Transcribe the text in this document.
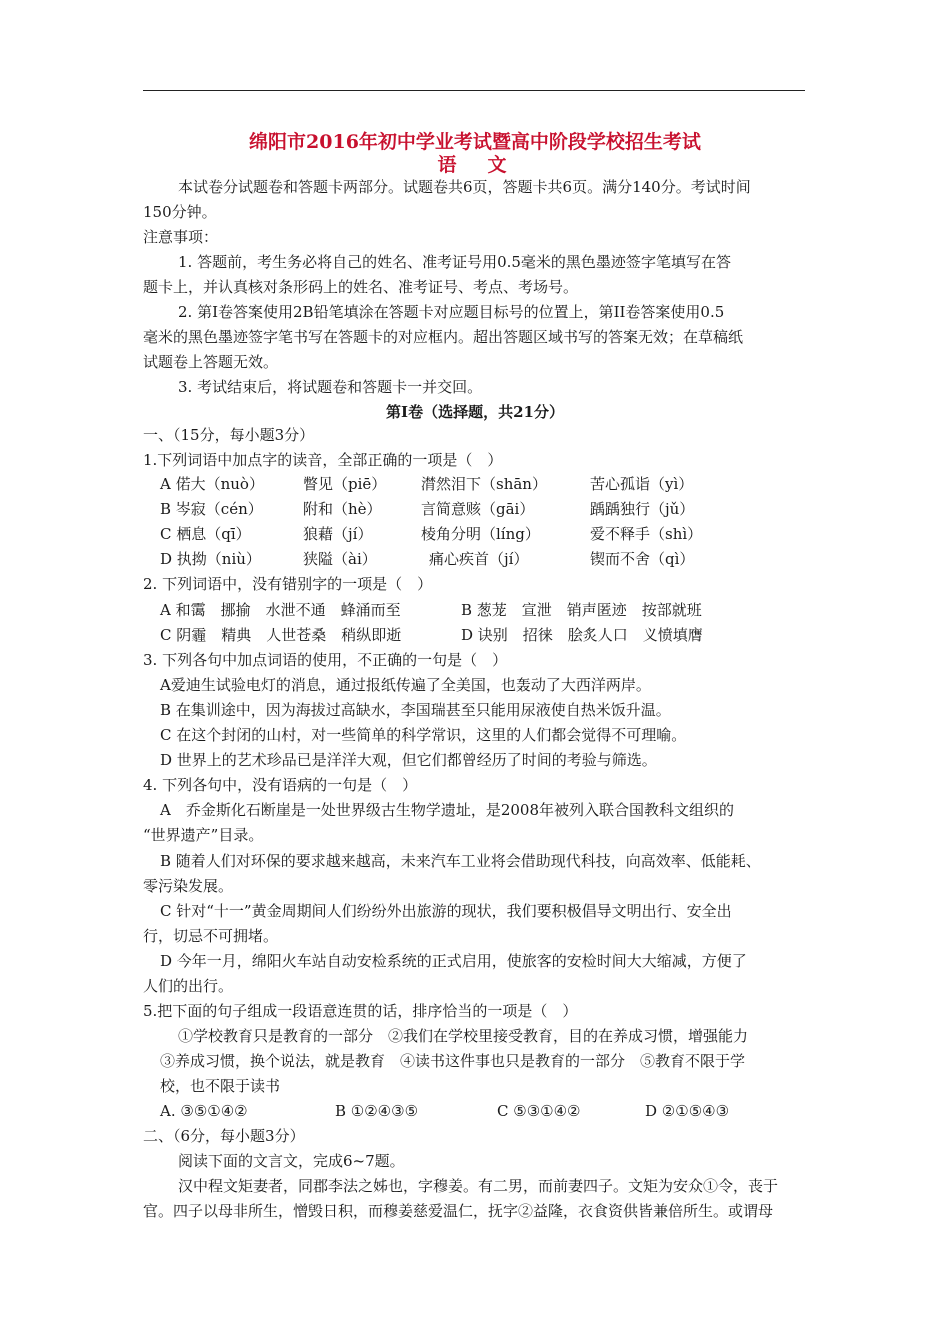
绵阳市2016年初中学业考试暨高中阶段学校招生考试
语　文
本试卷分试题卷和答题卡两部分。试题卷共6页，答题卡共6页。满分140分。考试时间
150分钟。
注意事项：
1. 答题前，考生务必将自己的姓名、准考证号用0.5毫米的黑色墨迹签字笔填写在答
题卡上，并认真核对条形码上的姓名、准考证号、考点、考场号。
2. 第Ⅰ卷答案使用2B铅笔填涂在答题卡对应题目标号的位置上，第II卷答案使用0.5
毫米的黑色墨迹签字笔书写在答题卡的对应框内。超出答题区域书写的答案无效；在草稿纸
试题卷上答题无效。
3. 考试结束后，将试题卷和答题卡一并交回。
第Ⅰ卷（选择题，共21分）
一、（15分，每小题3分）
1.下列词语中加点字的读音，全部正确的一项是（　）
A 偌大（nuò）	瞥见（piē） 潸然泪下（shān）	苦心孤诣（yì）
B 岑寂（cén）	附和（hè）	言简意赅（gāi）	踽踽独行（jǔ）
C 栖息（qī）	狼藉（jí）	棱角分明（líng）	爱不释手（shì）
D 执拗（niù）	狭隘（ài）	痛心疾首（jí）	锲而不舍（qì）
2. 下列词语中，没有错别字的一项是（　）
A 和霭　挪揄　水泄不通　蜂涌而至	B 葱茏　宣泄　销声匿迹　按部就班
C 阴霾　精典　人世苍桑　稍纵即逝	D 诀别　招徕　脍炙人口　义愤填膺
3. 下列各句中加点词语的使用，不正确的一句是（　）
A爱迪生试验电灯的消息，通过报纸传遍了全美国，也轰动了大西洋两岸。
B 在集训途中，因为海拔过高缺水，李国瑞甚至只能用尿液使自热米饭升温。
C 在这个封闭的山村，对一些简单的科学常识，这里的人们都会觉得不可理喻。
D 世界上的艺术珍品已是洋洋大观，但它们都曾经历了时间的考验与筛选。
4. 下列各句中，没有语病的一句是（　）
A　乔金斯化石断崖是一处世界级古生物学遗址，是2008年被列入联合国教科文组织的
“世界遗产”目录。
B 随着人们对环保的要求越来越高，未来汽车工业将会借助现代科技，向高效率、低能耗、
零污染发展。
C 针对“十一”黄金周期间人们纷纷外出旅游的现状，我们要积极倡导文明出行、安全出
行，切忌不可拥堵。
D 今年一月，绵阳火车站自动安检系统的正式启用，使旅客的安检时间大大缩减，方便了
人们的出行。
5.把下面的句子组成一段语意连贯的话，排序恰当的一项是（　）
①学校教育只是教育的一部分　②我们在学校里接受教育，目的在养成习惯，增强能力
③养成习惯，换个说法，就是教育　④读书这件事也只是教育的一部分　⑤教育不限于学
校，也不限于读书
A. ③⑤①④②	B ①②④③⑤	C ⑤③①④②	D ②①⑤④③
二、（6分，每小题3分）
阅读下面的文言文，完成6~7题。
汉中程文矩妻者，同郡李法之姊也，字穆姜。有二男，而前妻四子。文矩为安众①令，丧于
官。四子以母非所生，憎毁日积，而穆姜慈爱温仁，抚字②益隆，衣食资供皆兼倍所生。或谓母
